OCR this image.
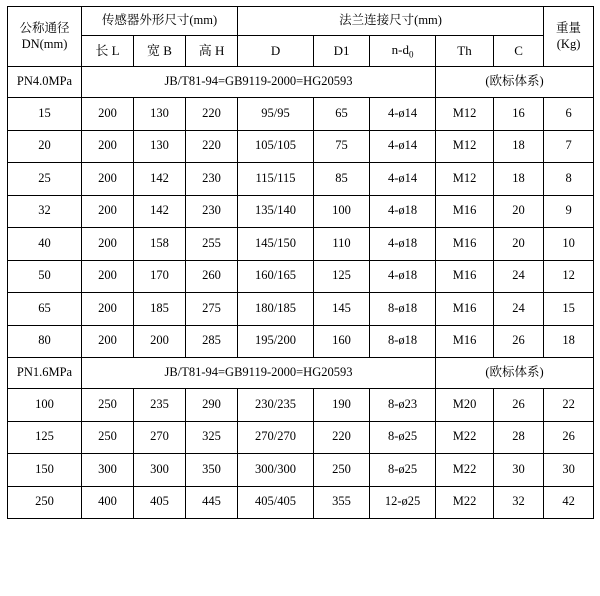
公称通径
DN(mm)	传感器外形尺寸(mm)			法兰连接尺寸(mm)					重量
(Kg)

	长 L	宽 B	高 H	D	D1	$n-d_0$	Th	C	
PN4.0MPa	JB/T81-94=GB9119-2000=HG20593						(欧标体系)		
15	200	130	220	95/95	65	4-ø14	M12	16	6
20	200	130	220	105/105	75	4-ø14	M12	18	7
25	200	142	230	115/115	85	4-ø14	M12	18	8
32	200	142	230	135/140	100	4-ø18	M16	20	9
40	200	158	255	145/150	110	4-ø18	M16	20	10
50	200	170	260	160/165	125	4-ø18	M16	24	12
65	200	185	275	180/185	145	8-ø18	M16	24	15
80	200	200	285	195/200	160	8-ø18	M16	26	18
PN1.6MPa	JB/T81-94=GB9119-2000=HG20593						(欧标体系)		
100	250	235	290	230/235	190	8-ø23	M20	26	22
125	250	270	325	270/270	220	8-ø25	M22	28	26
150	300	300	350	300/300	250	8-ø25	M22	30	30
250	400	405	445	405/405	355	12-ø25	M22	32	42
